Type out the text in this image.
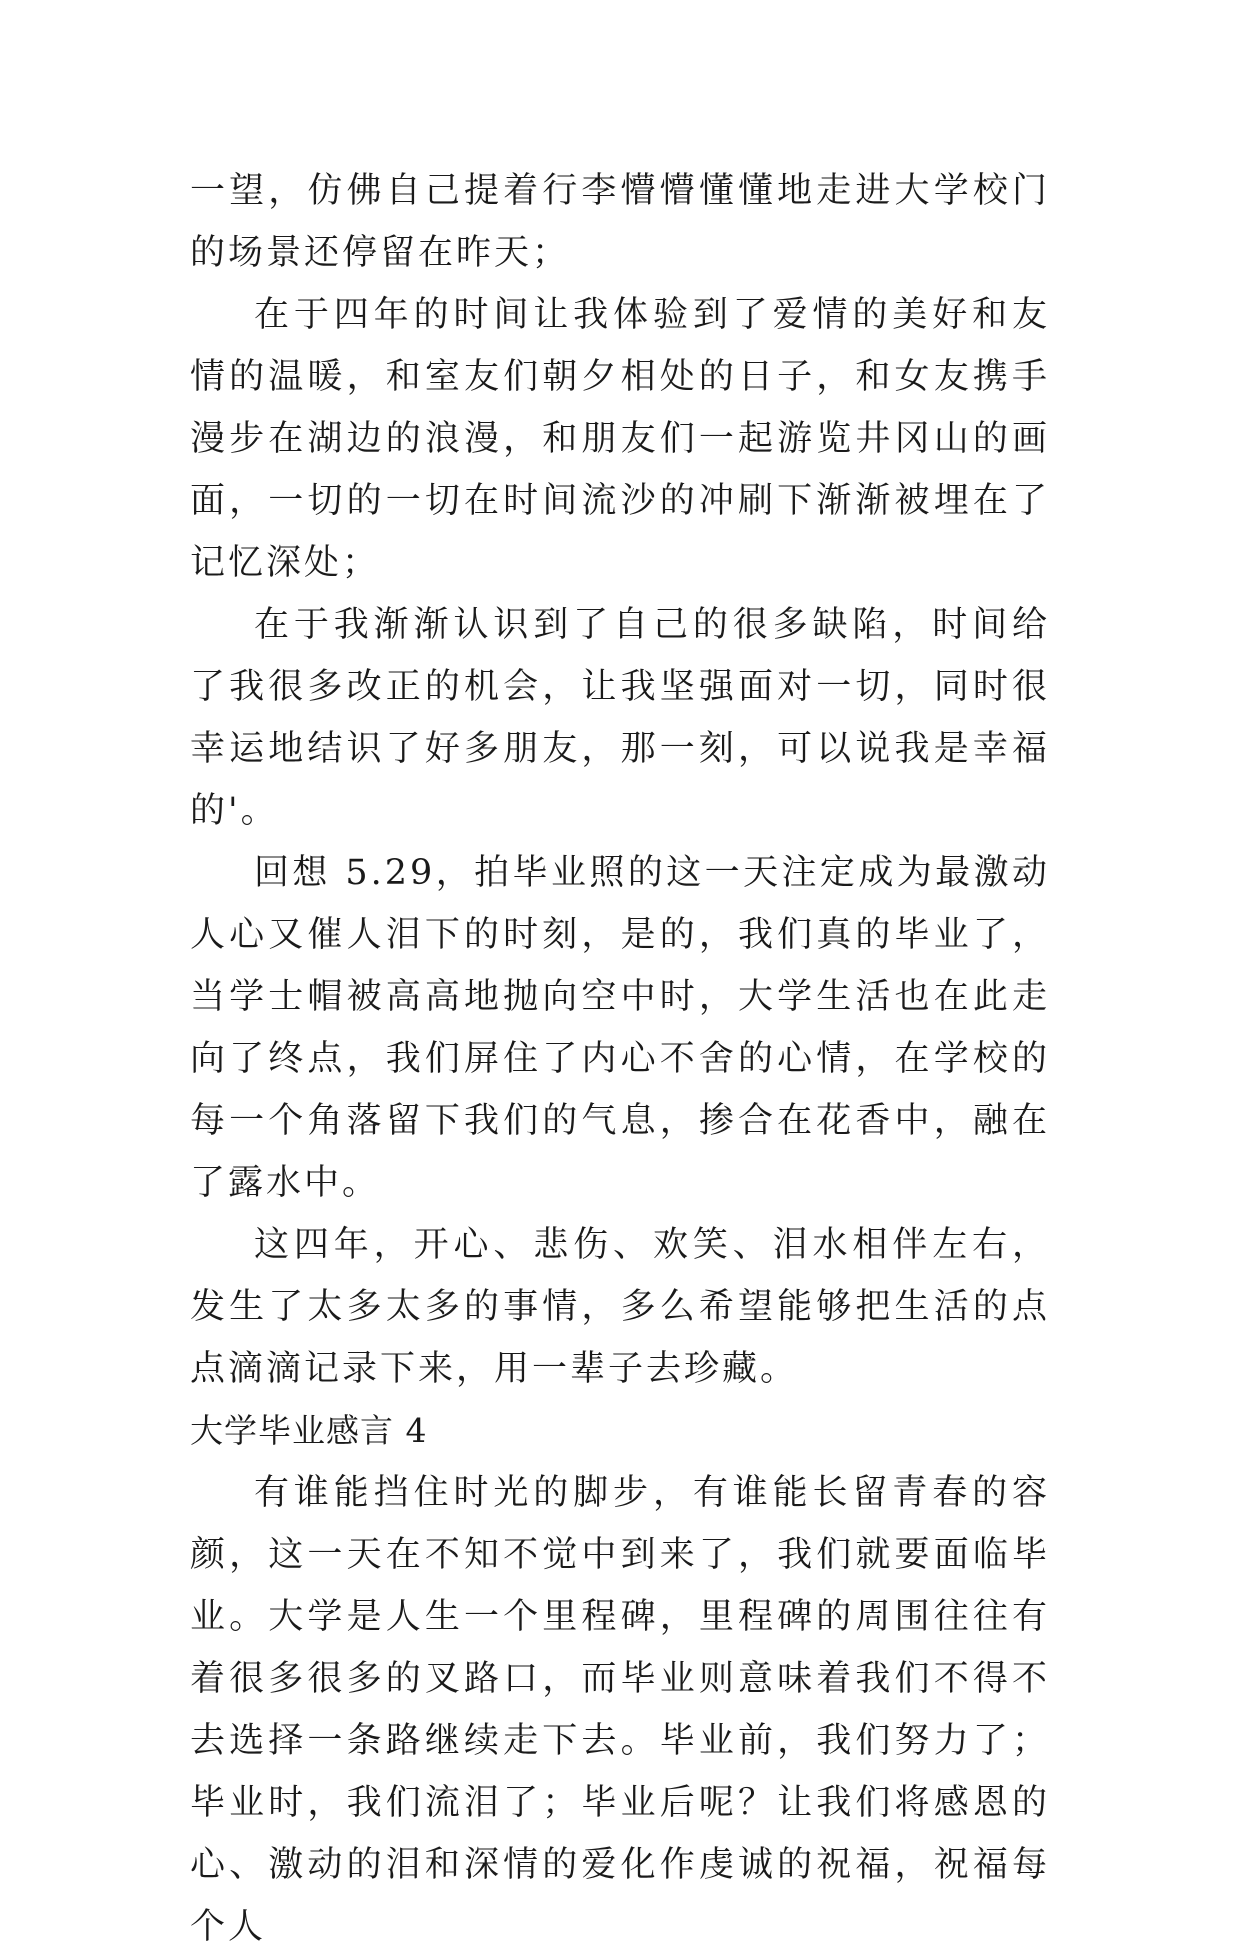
一望，仿佛自己提着行李懵懵懂懂地走进大学校门的场景还停留在昨天；

在于四年的时间让我体验到了爱情的美好和友情的温暖，和室友们朝夕相处的日子，和女友携手漫步在湖边的浪漫，和朋友们一起游览井冈山的画面，一切的一切在时间流沙的冲刷下渐渐被埋在了记忆深处；

在于我渐渐认识到了自己的很多缺陷，时间给了我很多改正的机会，让我坚强面对一切，同时很幸运地结识了好多朋友，那一刻，可以说我是幸福的'。

回想 5.29，拍毕业照的这一天注定成为最激动人心又催人泪下的时刻，是的，我们真的毕业了，当学士帽被高高地抛向空中时，大学生活也在此走向了终点，我们屏住了内心不舍的心情，在学校的每一个角落留下我们的气息，掺合在花香中，融在了露水中。

这四年，开心、悲伤、欢笑、泪水相伴左右，发生了太多太多的事情，多么希望能够把生活的点点滴滴记录下来，用一辈子去珍藏。

大学毕业感言 4

有谁能挡住时光的脚步，有谁能长留青春的容颜，这一天在不知不觉中到来了，我们就要面临毕业。大学是人生一个里程碑，里程碑的周围往往有着很多很多的叉路口，而毕业则意味着我们不得不去选择一条路继续走下去。毕业前，我们努力了；毕业时，我们流泪了；毕业后呢？让我们将感恩的心、激动的泪和深情的爱化作虔诚的祝福，祝福每个人
